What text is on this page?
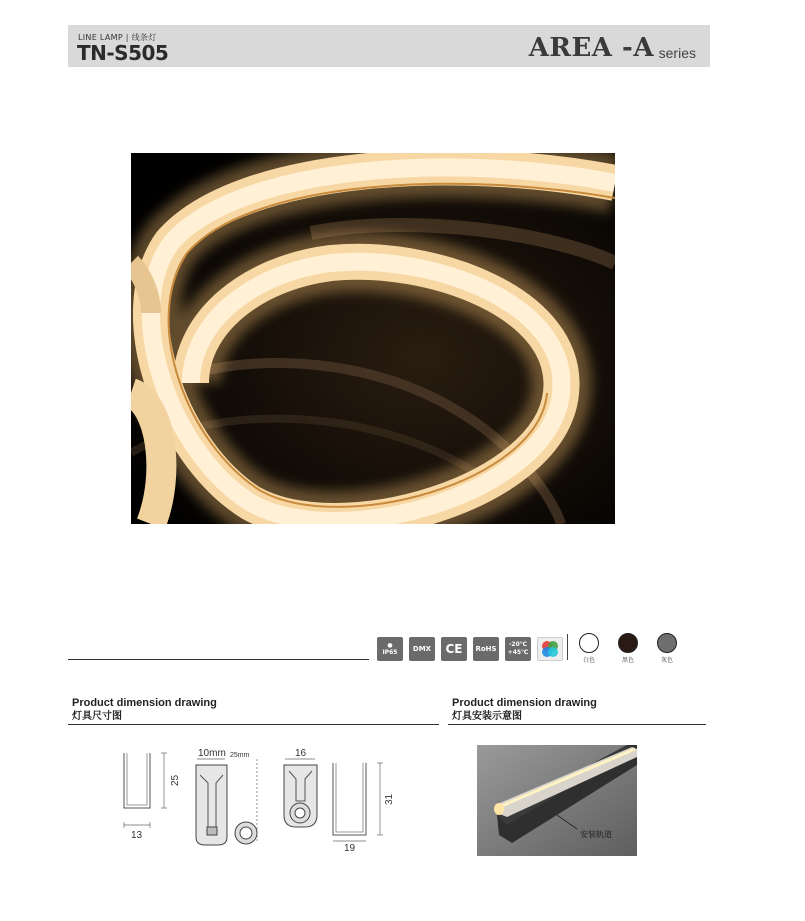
LINE LAMP | 线条灯
TN-S505	AREA -A series
●
IP65 DMX CE RoHS
-20℃
+45℃
白色	黑色	灰色
Product dimension drawing
灯具尺寸图
Product dimension drawing
灯具安装示意图
25
13
10mm 25mm	16
31
19
安装轨道
